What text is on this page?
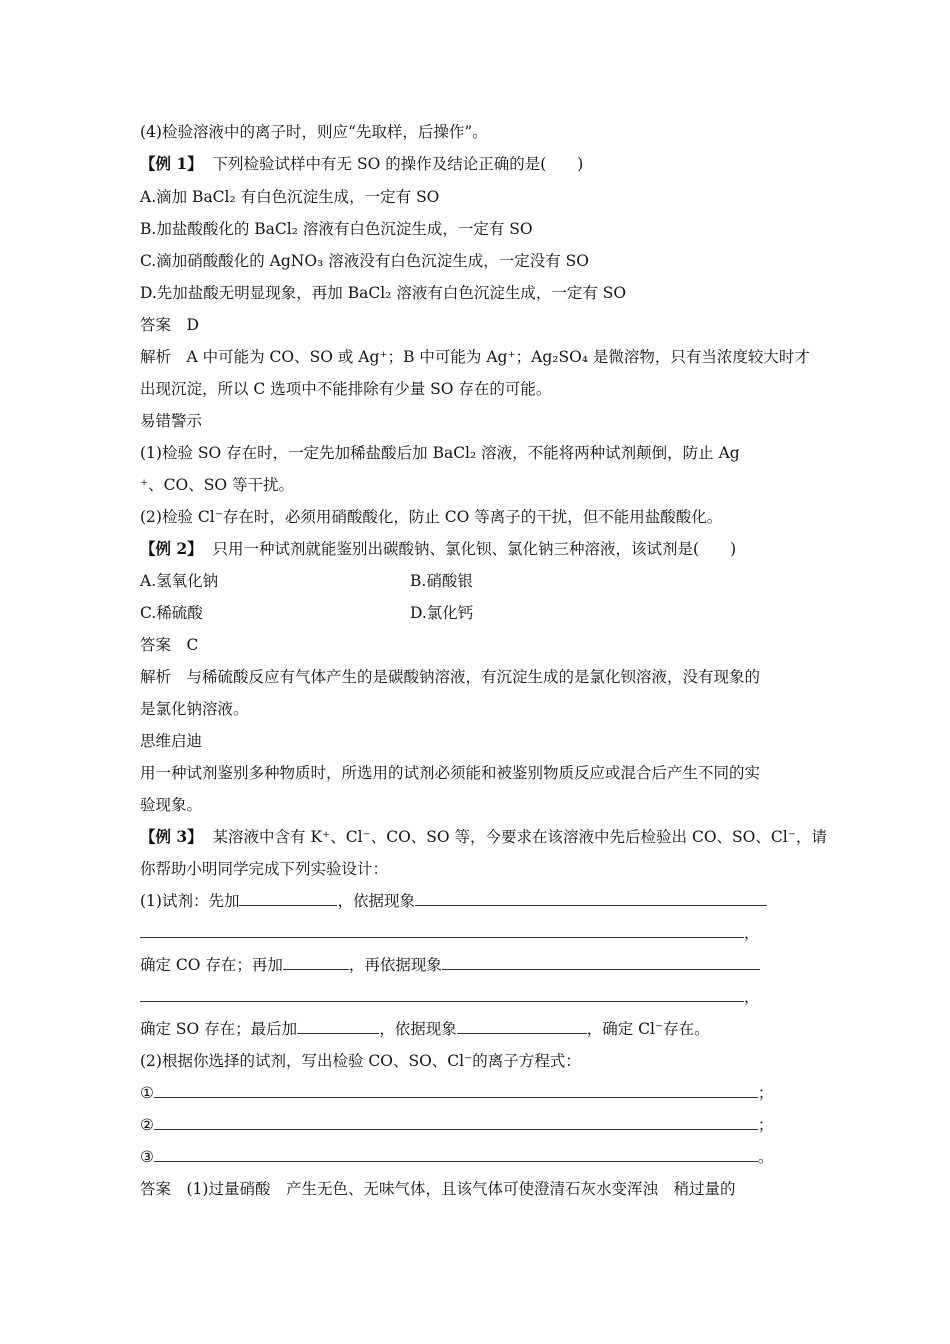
(4)检验溶液中的离子时，则应“先取样，后操作”。
【例 1】 下列检验试样中有无 SO 的操作及结论正确的是(　　)
A.滴加 BaCl₂ 有白色沉淀生成，一定有 SO
B.加盐酸酸化的 BaCl₂ 溶液有白色沉淀生成，一定有 SO
C.滴加硝酸酸化的 AgNO₃ 溶液没有白色沉淀生成，一定没有 SO
D.先加盐酸无明显现象，再加 BaCl₂ 溶液有白色沉淀生成，一定有 SO
答案　D
解析　A 中可能为 CO、SO 或 Ag⁺；B 中可能为 Ag⁺；Ag₂SO₄ 是微溶物，只有当浓度较大时才
出现沉淀，所以 C 选项中不能排除有少量 SO 存在的可能。
易错警示
(1)检验 SO 存在时，一定先加稀盐酸后加 BaCl₂ 溶液，不能将两种试剂颠倒，防止 Ag
⁺、CO、SO 等干扰。
(2)检验 Cl⁻存在时，必须用硝酸酸化，防止 CO 等离子的干扰，但不能用盐酸酸化。
【例 2】 只用一种试剂就能鉴别出碳酸钠、氯化钡、氯化钠三种溶液，该试剂是(　　)
A.氢氧化钠	B.硝酸银
C.稀硫酸	D.氯化钙
答案　C
解析　与稀硫酸反应有气体产生的是碳酸钠溶液，有沉淀生成的是氯化钡溶液，没有现象的
是氯化钠溶液。
思维启迪
用一种试剂鉴别多种物质时，所选用的试剂必须能和被鉴别物质反应或混合后产生不同的实
验现象。
【例 3】 某溶液中含有 K⁺、Cl⁻、CO、SO 等，今要求在该溶液中先后检验出 CO、SO、Cl⁻，请
你帮助小明同学完成下列实验设计：
(1)试剂：先加	，依据现象
，
确定 CO 存在；再加	，再依据现象
，
确定 SO 存在；最后加	，依据现象	，确定 Cl⁻存在。
(2)根据你选择的试剂，写出检验 CO、SO、Cl⁻的离子方程式：
①	；
②	；
③	。
答案　(1)过量硝酸　产生无色、无味气体，且该气体可使澄清石灰水变浑浊　稍过量的
